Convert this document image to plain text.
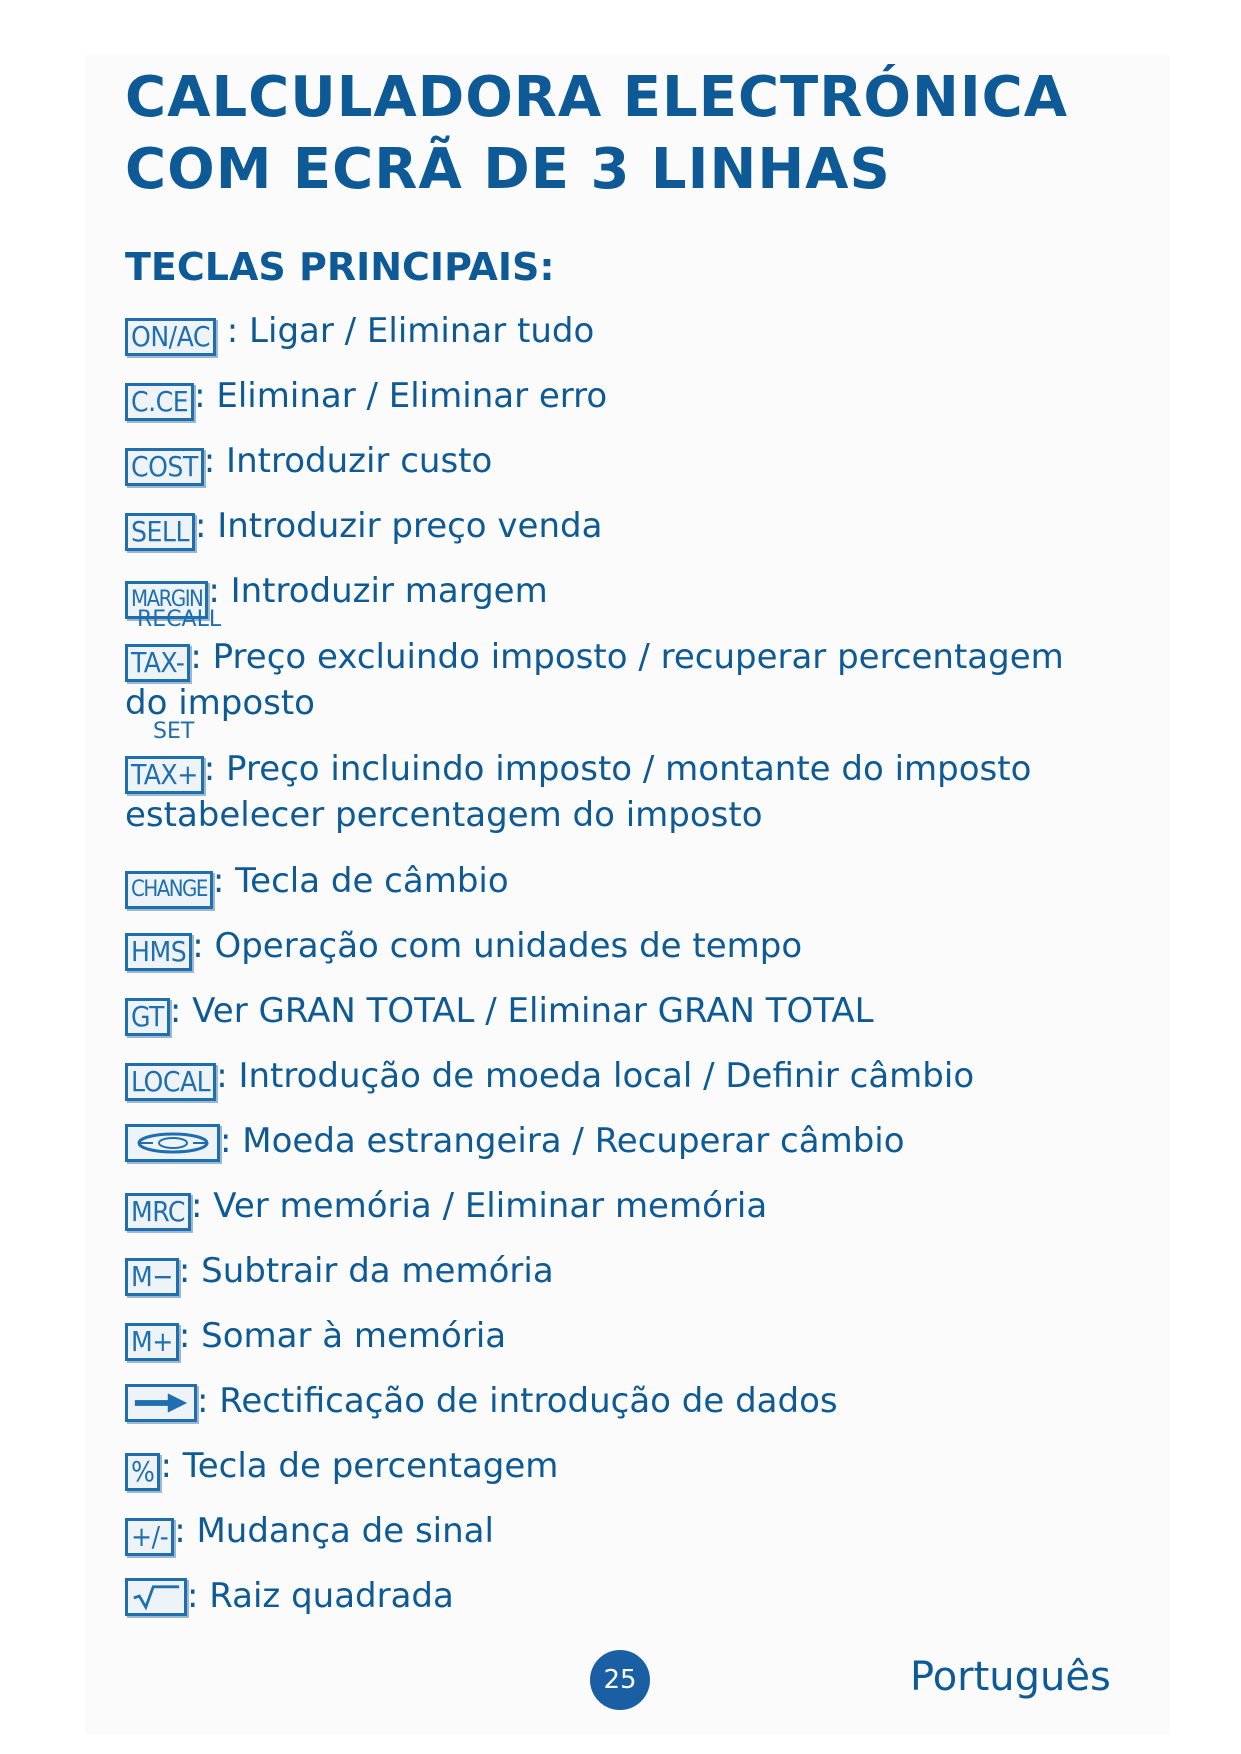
CALCULADORA ELECTRÓNICA
COM ECRÃ DE 3 LINHAS
TECLAS PRINCIPAIS:
ON/AC : Ligar / Eliminar tudo
C.CE : Eliminar / Eliminar erro
COST : Introduzir custo
SELL : Introduzir preço venda
MARGIN : Introduzir margem
RECALL
TAX- : Preço excluindo imposto / recuperar percentagem
do imposto
SET
TAX+ : Preço incluindo imposto / montante do imposto
estabelecer percentagem do imposto
CHANGE : Tecla de câmbio
HMS : Operação com unidades de tempo
GT : Ver GRAN TOTAL / Eliminar GRAN TOTAL
LOCAL : Introdução de moeda local / Definir câmbio
: Moeda estrangeira / Recuperar câmbio
MRC : Ver memória / Eliminar memória
M− : Subtrair da memória
M+ : Somar à memória
: Rectificação de introdução de dados
% : Tecla de percentagem
+/- : Mudança de sinal
: Raiz quadrada
25	Português
